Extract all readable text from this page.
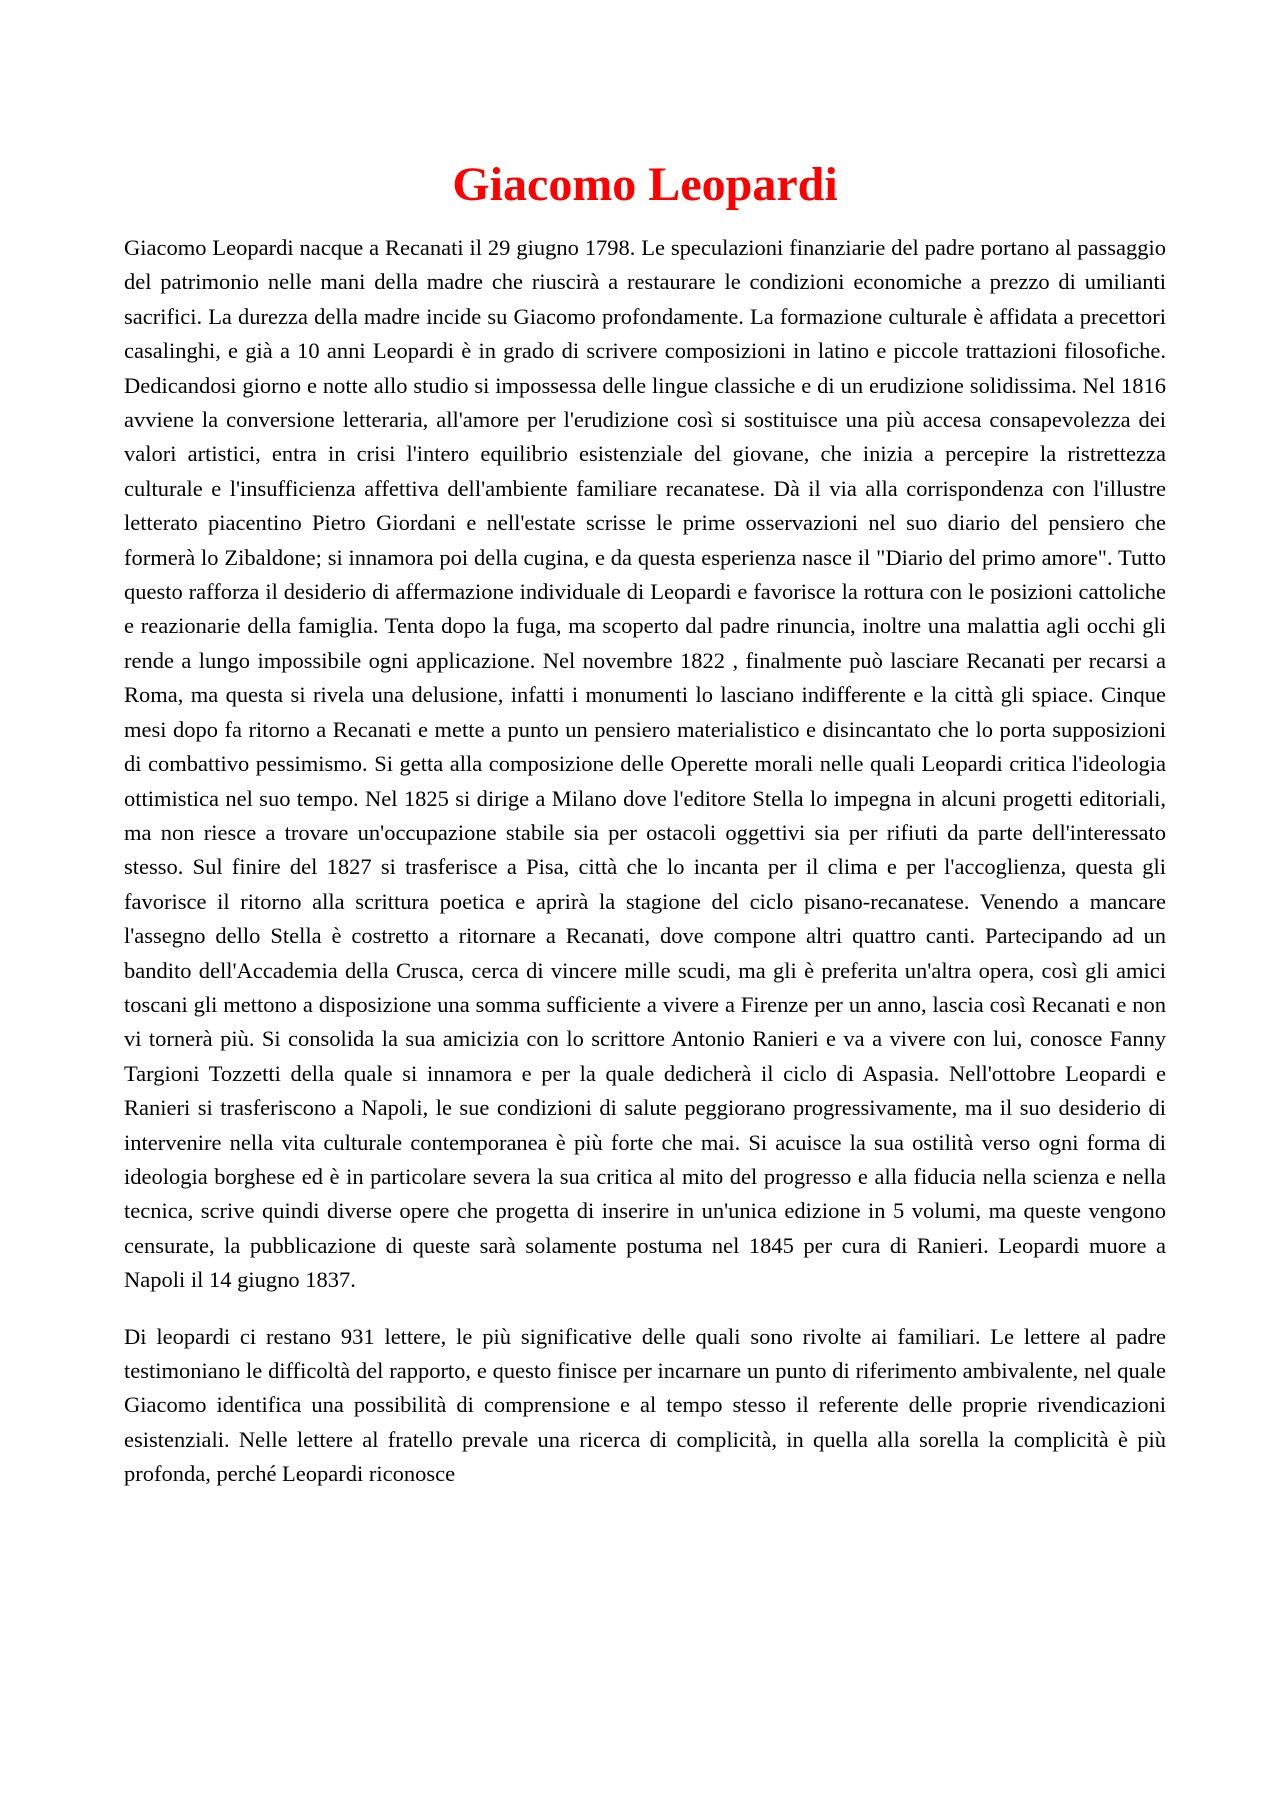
Giacomo Leopardi

Giacomo Leopardi nacque a Recanati il 29 giugno 1798. Le speculazioni finanziarie del padre portano al passaggio del patrimonio nelle mani della madre che riuscirà a restaurare le condizioni economiche a prezzo di umilianti sacrifici. La durezza della madre incide su Giacomo profondamente. La formazione culturale è affidata a precettori casalinghi, e già a 10 anni Leopardi è in grado di scrivere composizioni in latino e piccole trattazioni filosofiche. Dedicandosi giorno e notte allo studio si impossessa delle lingue classiche e di un erudizione solidissima. Nel 1816 avviene la conversione letteraria, all'amore per l'erudizione così si sostituisce una più accesa consapevolezza dei valori artistici, entra in crisi l'intero equilibrio esistenziale del giovane, che inizia a percepire la ristrettezza culturale e l'insufficienza affettiva dell'ambiente familiare recanatese. Dà il via alla corrispondenza con l'illustre letterato piacentino Pietro Giordani e nell'estate scrisse le prime osservazioni nel suo diario del pensiero che formerà lo Zibaldone; si innamora poi della cugina, e da questa esperienza nasce il "Diario del primo amore". Tutto questo rafforza il desiderio di affermazione individuale di Leopardi e favorisce la rottura con le posizioni cattoliche e reazionarie della famiglia. Tenta dopo la fuga, ma scoperto dal padre rinuncia, inoltre una malattia agli occhi gli rende a lungo impossibile ogni applicazione. Nel novembre 1822 , finalmente può lasciare Recanati per recarsi a Roma, ma questa si rivela una delusione, infatti i monumenti lo lasciano indifferente e la città gli spiace. Cinque mesi dopo fa ritorno a Recanati e mette a punto un pensiero materialistico e disincantato che lo porta supposizioni di combattivo pessimismo. Si getta alla composizione delle Operette morali nelle quali Leopardi critica l'ideologia ottimistica nel suo tempo. Nel 1825 si dirige a Milano dove l'editore Stella lo impegna in alcuni progetti editoriali, ma non riesce a trovare un'occupazione stabile sia per ostacoli oggettivi sia per rifiuti da parte dell'interessato stesso. Sul finire del 1827 si trasferisce a Pisa, città che lo incanta per il clima e per l'accoglienza, questa gli favorisce il ritorno alla scrittura poetica e aprirà la stagione del ciclo pisano-recanatese. Venendo a mancare l'assegno dello Stella è costretto a ritornare a Recanati, dove compone altri quattro canti. Partecipando ad un bandito dell'Accademia della Crusca, cerca di vincere mille scudi, ma gli è preferita un'altra opera, così gli amici toscani gli mettono a disposizione una somma sufficiente a vivere a Firenze per un anno, lascia così Recanati e non vi tornerà più. Si consolida la sua amicizia con lo scrittore Antonio Ranieri e va a vivere con lui, conosce Fanny Targioni Tozzetti della quale si innamora e per la quale dedicherà il ciclo di Aspasia. Nell'ottobre Leopardi e Ranieri si trasferiscono a Napoli, le sue condizioni di salute peggiorano progressivamente, ma il suo desiderio di intervenire nella vita culturale contemporanea è più forte che mai. Si acuisce la sua ostilità verso ogni forma di ideologia borghese ed è in particolare severa la sua critica al mito del progresso e alla fiducia nella scienza e nella tecnica, scrive quindi diverse opere che progetta di inserire in un'unica edizione in 5 volumi, ma queste vengono censurate, la pubblicazione di queste sarà solamente postuma nel 1845 per cura di Ranieri. Leopardi muore a Napoli il 14 giugno 1837.

Di leopardi ci restano 931 lettere, le più significative delle quali sono rivolte ai familiari. Le lettere al padre testimoniano le difficoltà del rapporto, e questo finisce per incarnare un punto di riferimento ambivalente, nel quale Giacomo identifica una possibilità di comprensione e al tempo stesso il referente delle proprie rivendicazioni esistenziali. Nelle lettere al fratello prevale una ricerca di complicità, in quella alla sorella la complicità è più profonda, perché Leopardi riconosce
